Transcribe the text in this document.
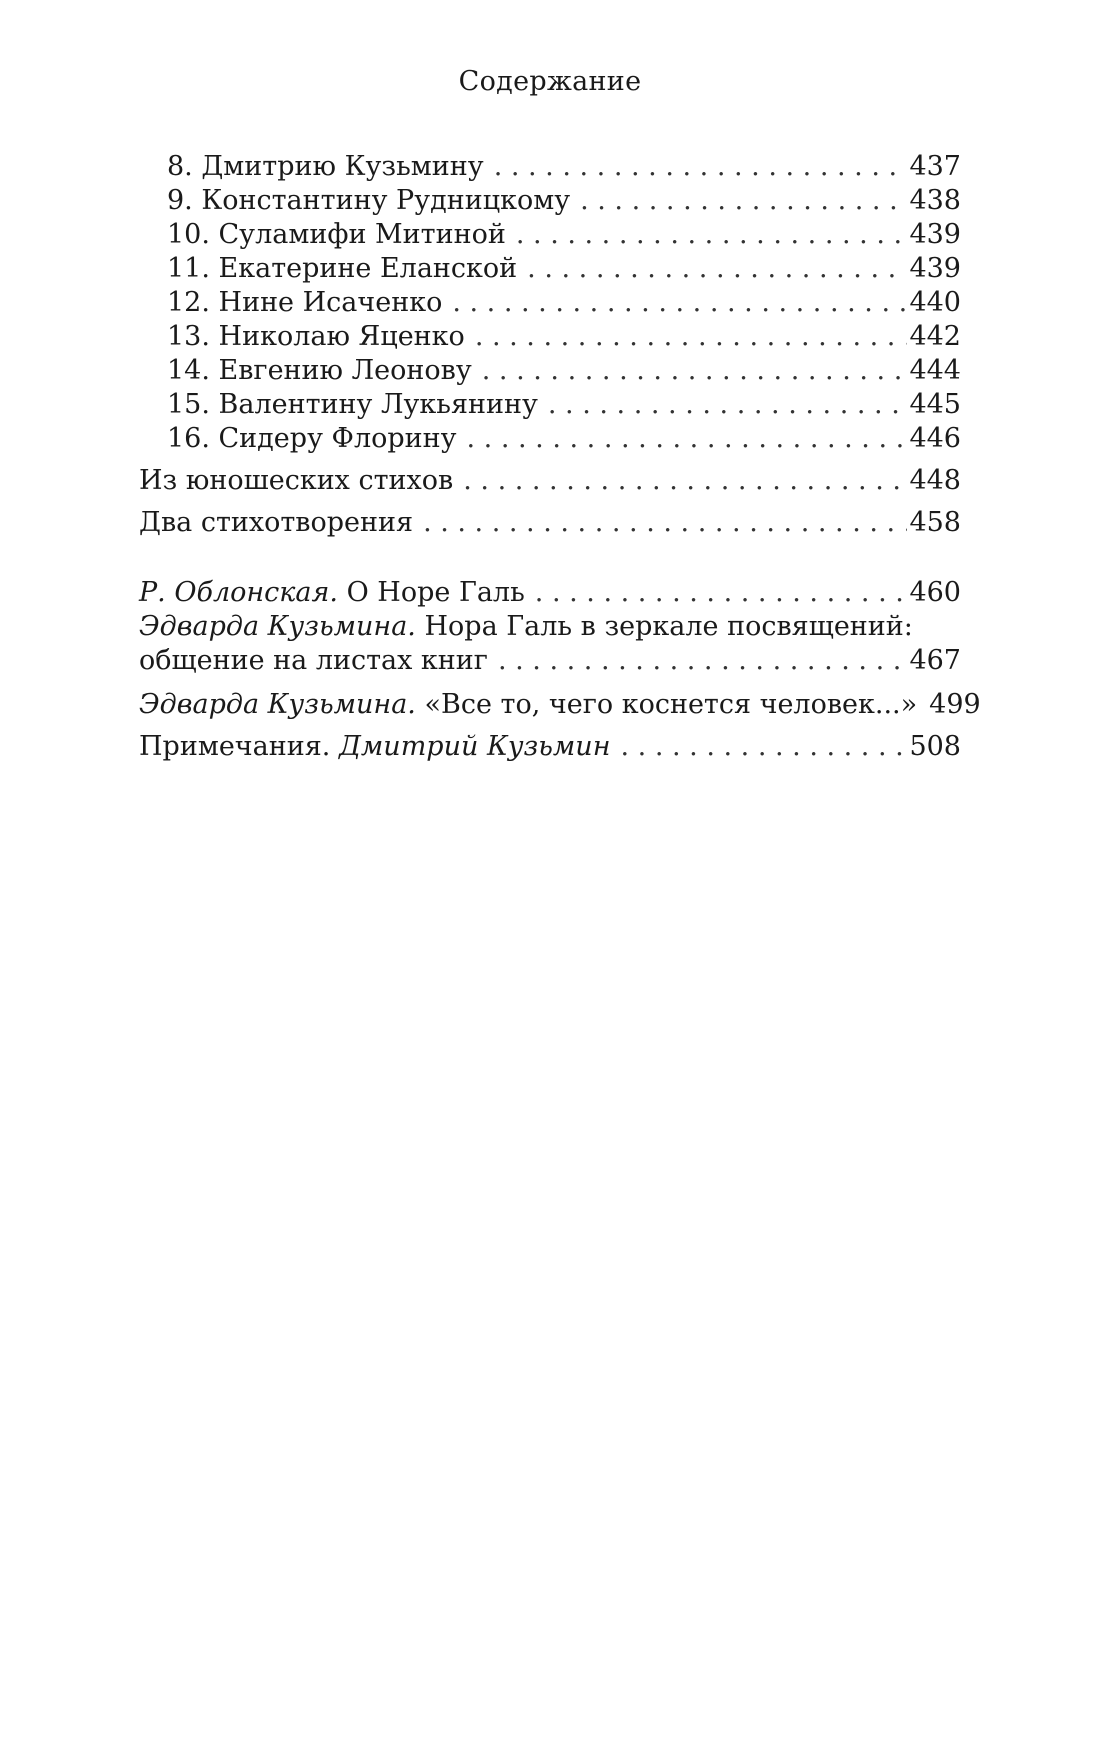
Содержание
8. Дмитрию Кузьмину . . .	437
9. Константину Рудницкому . . .	438
10. Суламифи Митиной . . .	439
11. Екатерине Еланской . . .	439
12. Нине Исаченко . . .	440
13. Николаю Яценко . . .	442
14. Евгению Леонову . . .	444
15. Валентину Лукьянину . . .	445
16. Сидеру Флорину . . .	446
Из юношеских стихов . . .	448
Два стихотворения . . .	458
Р. Облонская. О Норе Галь . . .	460
Эдварда Кузьмина. Нора Галь в зеркале посвящений:
общение на листах книг . . .	467
Эдварда Кузьмина. «Все то, чего коснется человек...» 499
Примечания. Дмитрий Кузьмин . . .	508
